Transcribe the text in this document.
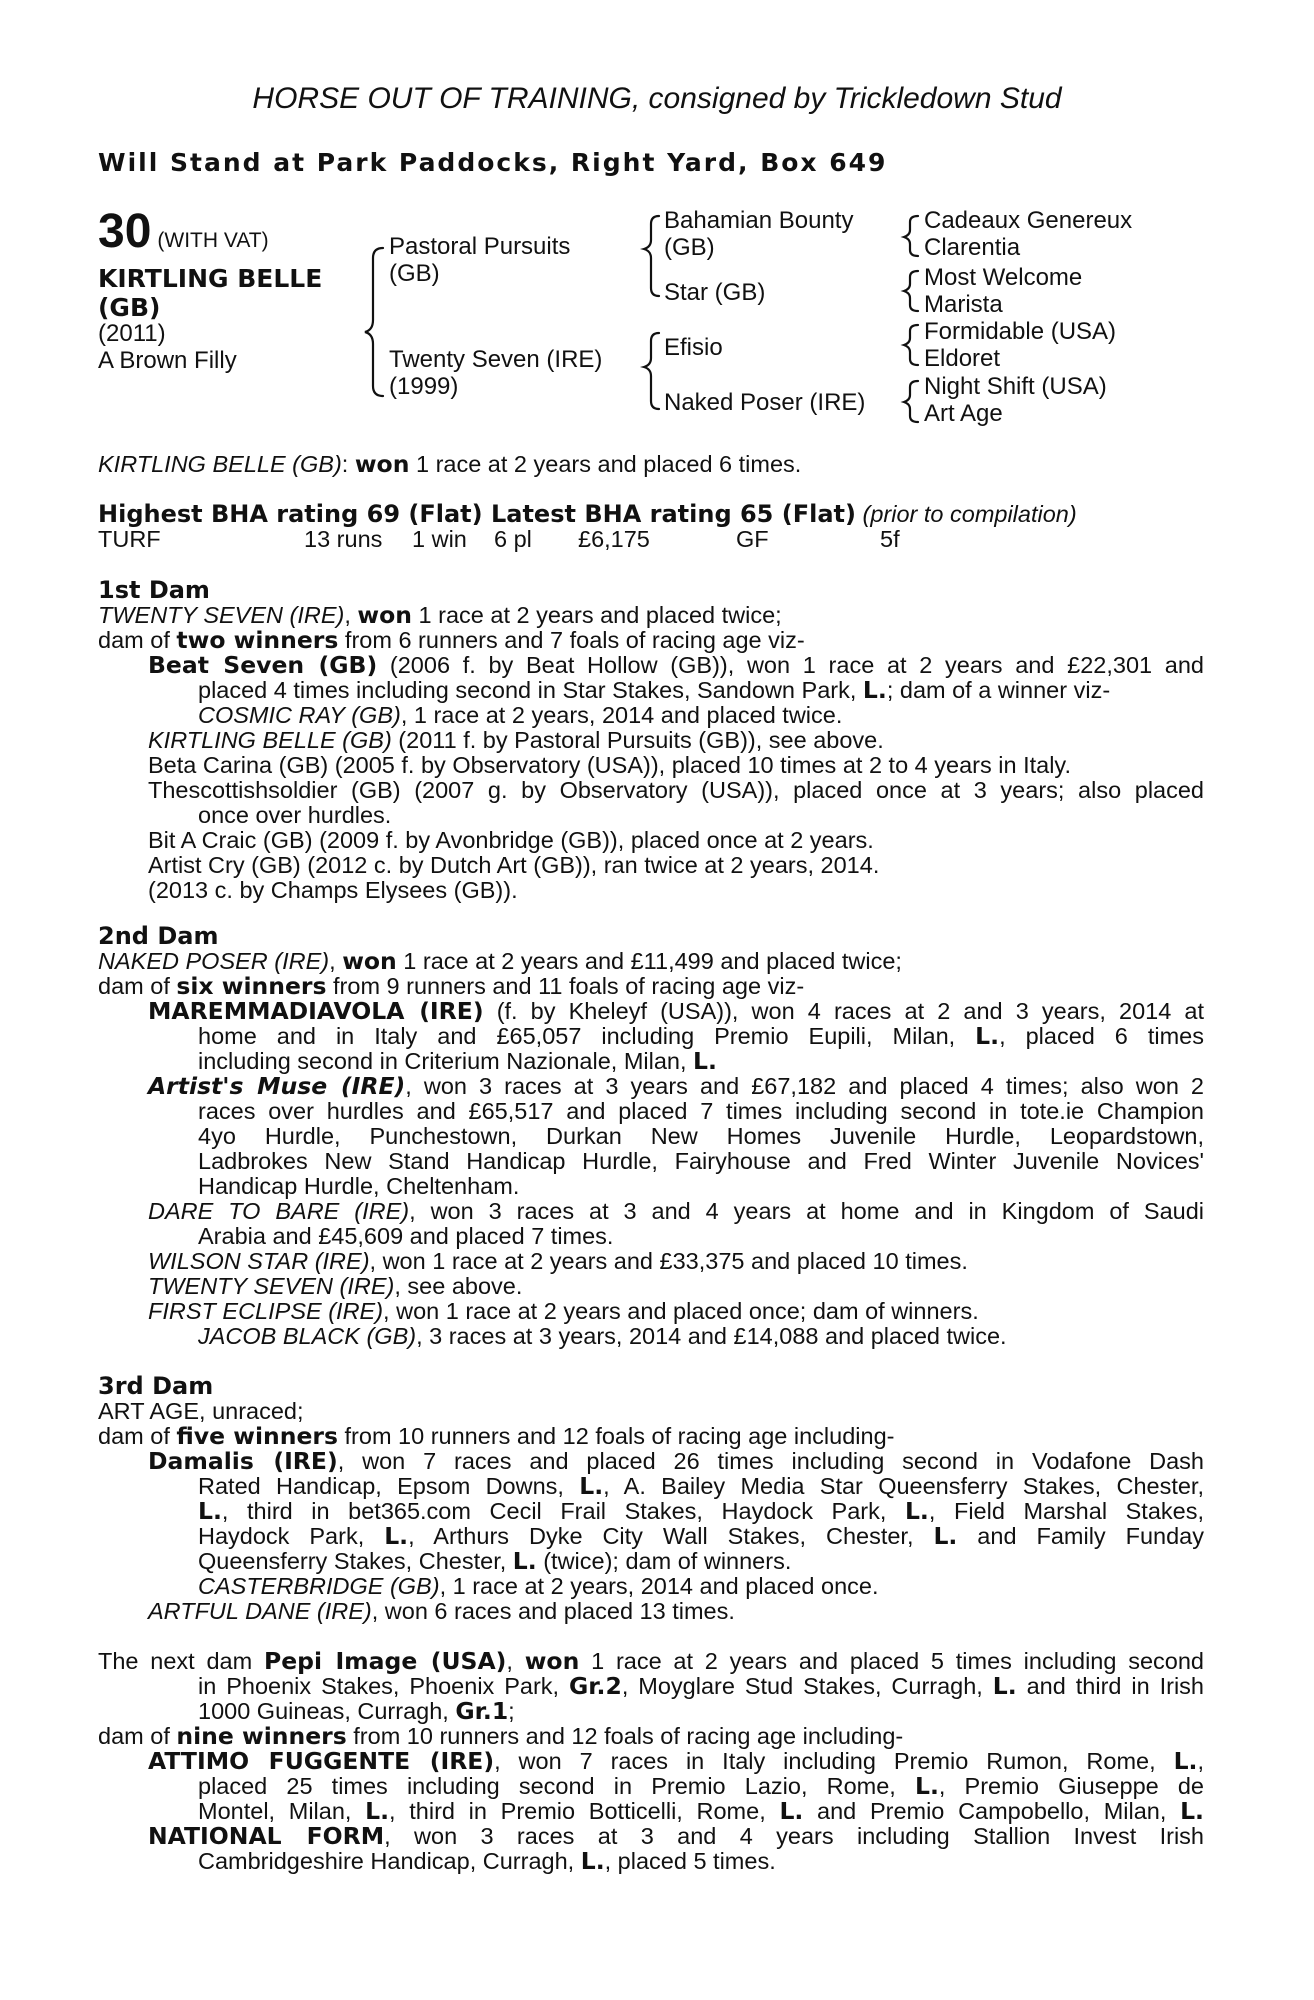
HORSE OUT OF TRAINING, consigned by Trickledown Stud
Will Stand at Park Paddocks, Right Yard, Box 649
30 (WITH VAT)
KIRTLING BELLE
(GB)
(2011)
A Brown Filly
Pastoral Pursuits
(GB)
Twenty Seven (IRE)
(1999)
Bahamian Bounty
(GB)
Star (GB)
Efisio
Naked Poser (IRE)
Cadeaux Genereux
Clarentia
Most Welcome
Marista
Formidable (USA)
Eldoret
Night Shift (USA)
Art Age
KIRTLING BELLE (GB): won 1 race at 2 years and placed 6 times.
Highest BHA rating 69 (Flat) Latest BHA rating 65 (Flat) (prior to compilation)
TURF	13 runs 1 win 6 pl £6,175	GF	5f
1st Dam
TWENTY SEVEN (IRE), won 1 race at 2 years and placed twice;
dam of two winners from 6 runners and 7 foals of racing age viz-
Beat Seven (GB) (2006 f. by Beat Hollow (GB)), won 1 race at 2 years and £22,301 and
placed 4 times including second in Star Stakes, Sandown Park, L.; dam of a winner viz-
COSMIC RAY (GB), 1 race at 2 years, 2014 and placed twice.
KIRTLING BELLE (GB) (2011 f. by Pastoral Pursuits (GB)), see above.
Beta Carina (GB) (2005 f. by Observatory (USA)), placed 10 times at 2 to 4 years in Italy.
Thescottishsoldier (GB) (2007 g. by Observatory (USA)), placed once at 3 years; also placed
once over hurdles.
Bit A Craic (GB) (2009 f. by Avonbridge (GB)), placed once at 2 years.
Artist Cry (GB) (2012 c. by Dutch Art (GB)), ran twice at 2 years, 2014.
(2013 c. by Champs Elysees (GB)).
2nd Dam
NAKED POSER (IRE), won 1 race at 2 years and £11,499 and placed twice;
dam of six winners from 9 runners and 11 foals of racing age viz-
MAREMMADIAVOLA (IRE) (f. by Kheleyf (USA)), won 4 races at 2 and 3 years, 2014 at
home and in Italy and £65,057 including Premio Eupili, Milan, L., placed 6 times
including second in Criterium Nazionale, Milan, L.
Artist's Muse (IRE), won 3 races at 3 years and £67,182 and placed 4 times; also won 2
races over hurdles and £65,517 and placed 7 times including second in tote.ie Champion
4yo Hurdle, Punchestown, Durkan New Homes Juvenile Hurdle, Leopardstown,
Ladbrokes New Stand Handicap Hurdle, Fairyhouse and Fred Winter Juvenile Novices'
Handicap Hurdle, Cheltenham.
DARE TO BARE (IRE), won 3 races at 3 and 4 years at home and in Kingdom of Saudi
Arabia and £45,609 and placed 7 times.
WILSON STAR (IRE), won 1 race at 2 years and £33,375 and placed 10 times.
TWENTY SEVEN (IRE), see above.
FIRST ECLIPSE (IRE), won 1 race at 2 years and placed once; dam of winners.
JACOB BLACK (GB), 3 races at 3 years, 2014 and £14,088 and placed twice.
3rd Dam
ART AGE, unraced;
dam of five winners from 10 runners and 12 foals of racing age including-
Damalis (IRE), won 7 races and placed 26 times including second in Vodafone Dash
Rated Handicap, Epsom Downs, L., A. Bailey Media Star Queensferry Stakes, Chester,
L., third in bet365.com Cecil Frail Stakes, Haydock Park, L., Field Marshal Stakes,
Haydock Park, L., Arthurs Dyke City Wall Stakes, Chester, L. and Family Funday
Queensferry Stakes, Chester, L. (twice); dam of winners.
CASTERBRIDGE (GB), 1 race at 2 years, 2014 and placed once.
ARTFUL DANE (IRE), won 6 races and placed 13 times.
The next dam Pepi Image (USA), won 1 race at 2 years and placed 5 times including second
in Phoenix Stakes, Phoenix Park, Gr.2, Moyglare Stud Stakes, Curragh, L. and third in Irish
1000 Guineas, Curragh, Gr.1;
dam of nine winners from 10 runners and 12 foals of racing age including-
ATTIMO FUGGENTE (IRE), won 7 races in Italy including Premio Rumon, Rome, L.,
placed 25 times including second in Premio Lazio, Rome, L., Premio Giuseppe de
Montel, Milan, L., third in Premio Botticelli, Rome, L. and Premio Campobello, Milan, L.
NATIONAL FORM, won 3 races at 3 and 4 years including Stallion Invest Irish
Cambridgeshire Handicap, Curragh, L., placed 5 times.
